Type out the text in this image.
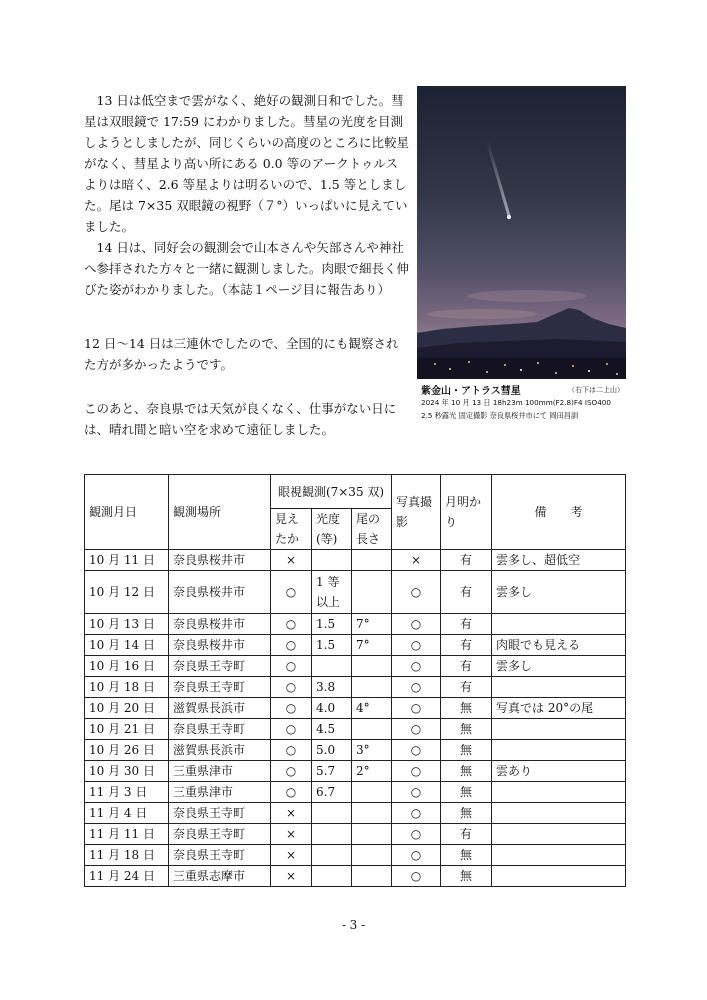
13 日は低空まで雲がなく、絶好の観測日和でした。彗星は双眼鏡で 17:59 にわかりました。彗星の光度を目測しようとしましたが、同じくらいの高度のところに比較星がなく、彗星より高い所にある 0.0 等のアークトゥルスよりは暗く、2.6 等星よりは明るいので、1.5 等としました。尾は 7×35 双眼鏡の視野（７°）いっぱいに見えていました。

14 日は、同好会の観測会で山本さんや矢部さんや神社へ参拝された方々と一緒に観測しました。肉眼で細長く伸びた姿がわかりました。（本誌１ページ目に報告あり）

12 日〜14 日は三連休でしたので、全国的にも観察された方が多かったようです。

このあと、奈良県では天気が良くなく、仕事がない日には、晴れ間と暗い空を求めて遠征しました。

紫金山・アトラス彗星	（右下は二上山）
2024 年 10 月 13 日 18h23m 100mm(F2.8)F4 ISO400
2.5 秒露光 固定撮影 奈良県桜井市にて 岡田昌訓
観測月日	観測場所	眼視観測(7×35 双)			写真撮影	月明かり	備　　考
		見えたか	光度(等)	尾の長さ			
10 月 11 日	奈良県桜井市	×			×	有	雲多し、超低空
10 月 12 日	奈良県桜井市	○	1 等以上		○	有	雲多し
10 月 13 日	奈良県桜井市	○	1.5	7°	○	有	
10 月 14 日	奈良県桜井市	○	1.5	7°	○	有	肉眼でも見える
10 月 16 日	奈良県王寺町	○			○	有	雲多し
10 月 18 日	奈良県王寺町	○	3.8		○	有	
10 月 20 日	滋賀県長浜市	○	4.0	4°	○	無	写真では 20°の尾
10 月 21 日	奈良県王寺町	○	4.5		○	無	
10 月 26 日	滋賀県長浜市	○	5.0	3°	○	無	
10 月 30 日	三重県津市	○	5.7	2°	○	無	雲あり
11 月 3 日	三重県津市	○	6.7		○	無	
11 月 4 日	奈良県王寺町	×			○	無	
11 月 11 日	奈良県王寺町	×			○	有	
11 月 18 日	奈良県王寺町	×			○	無	
11 月 24 日	三重県志摩市	×			○	無	
- 3 -
